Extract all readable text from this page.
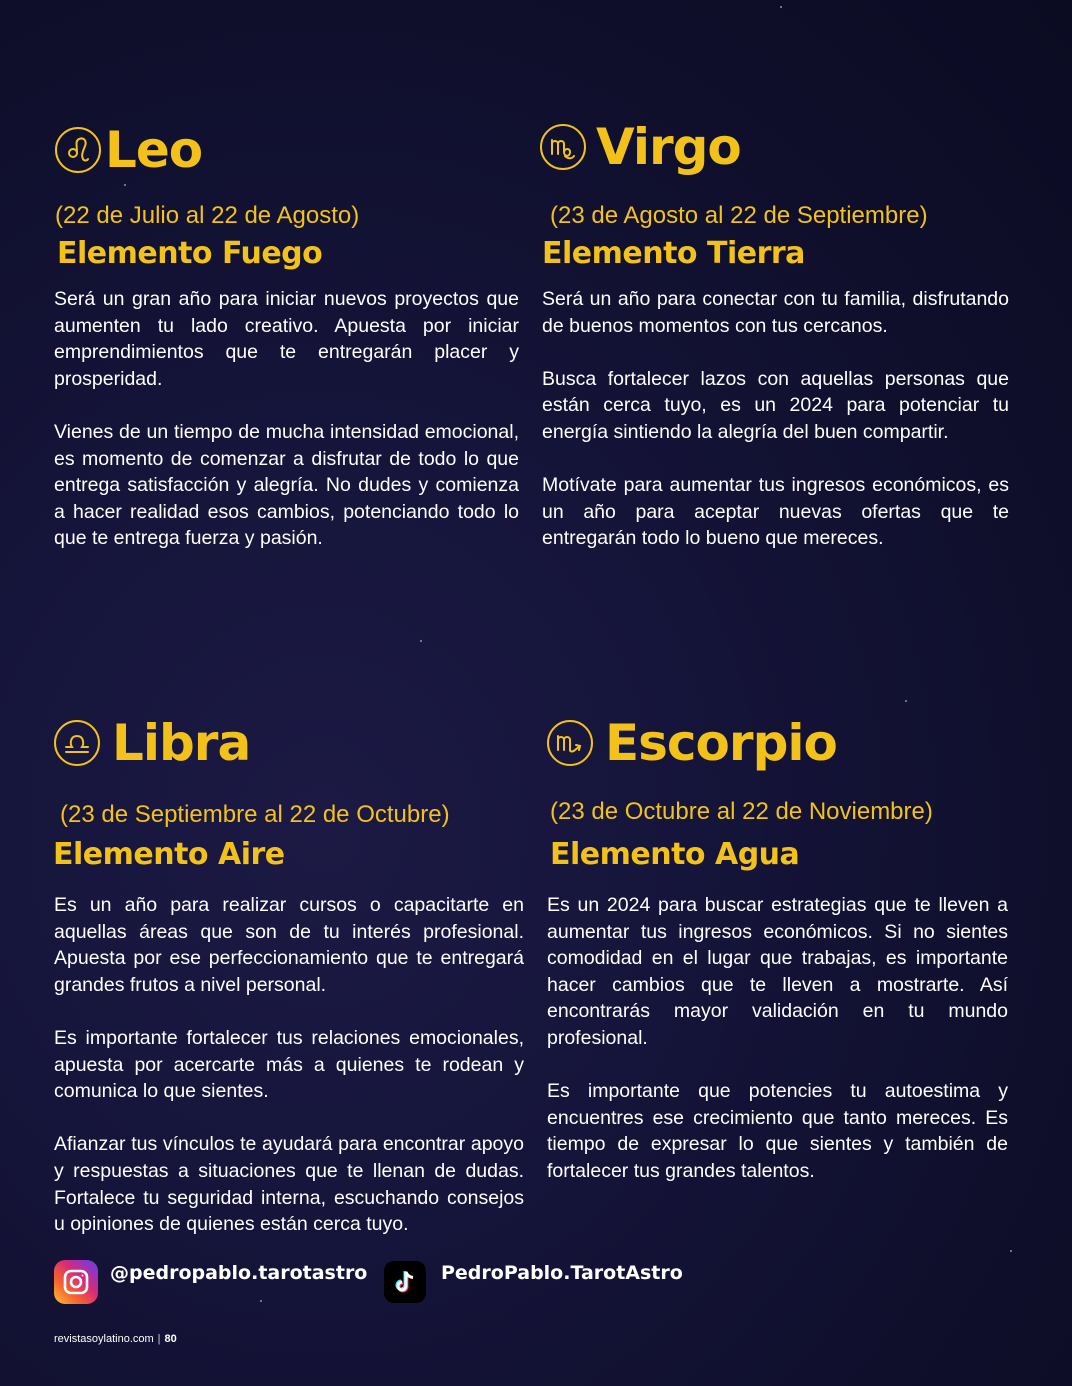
Leo
(22 de Julio al 22 de Agosto)
Elemento Fuego

Será un gran año para iniciar nuevos proyectos que aumenten tu lado creativo. Apuesta por iniciar emprendimientos que te entregarán placer y prosperidad.

Vienes de un tiempo de mucha intensidad emocional, es momento de comenzar a disfrutar de todo lo que entrega satisfacción y alegría. No dudes y comienza a hacer realidad esos cambios, potenciando todo lo que te entrega fuerza y pasión.

Virgo
(23 de Agosto al 22 de Septiembre)
Elemento Tierra

Será un año para conectar con tu familia, disfrutando de buenos momentos con tus cercanos.

Busca fortalecer lazos con aquellas personas que están cerca tuyo, es un 2024 para potenciar tu energía sintiendo la alegría del buen compartir.

Motívate para aumentar tus ingresos económicos, es un año para aceptar nuevas ofertas que te entregarán todo lo bueno que mereces.

Libra
(23 de Septiembre al 22 de Octubre)
Elemento Aire

Es un año para realizar cursos o capacitarte en aquellas áreas que son de tu interés profesional. Apuesta por ese perfeccionamiento que te entregará grandes frutos a nivel personal.

Es importante fortalecer tus relaciones emocionales, apuesta por acercarte más a quienes te rodean y comunica lo que sientes.

Afianzar tus vínculos te ayudará para encontrar apoyo y respuestas a situaciones que te llenan de dudas. Fortalece tu seguridad interna, escuchando consejos u opiniones de quienes están cerca tuyo.

Escorpio
(23 de Octubre al 22 de Noviembre)
Elemento Agua

Es un 2024 para buscar estrategias que te lleven a aumentar tus ingresos económicos. Si no sientes comodidad en el lugar que trabajas, es importante hacer cambios que te lleven a mostrarte. Así encontrarás mayor validación en tu mundo profesional.

Es importante que potencies tu autoestima y encuentres ese crecimiento que tanto mereces. Es tiempo de expresar lo que sientes y también de fortalecer tus grandes talentos.

@pedropablo.tarotastro	PedroPablo.TarotAstro
revistasoylatino.com | 80
